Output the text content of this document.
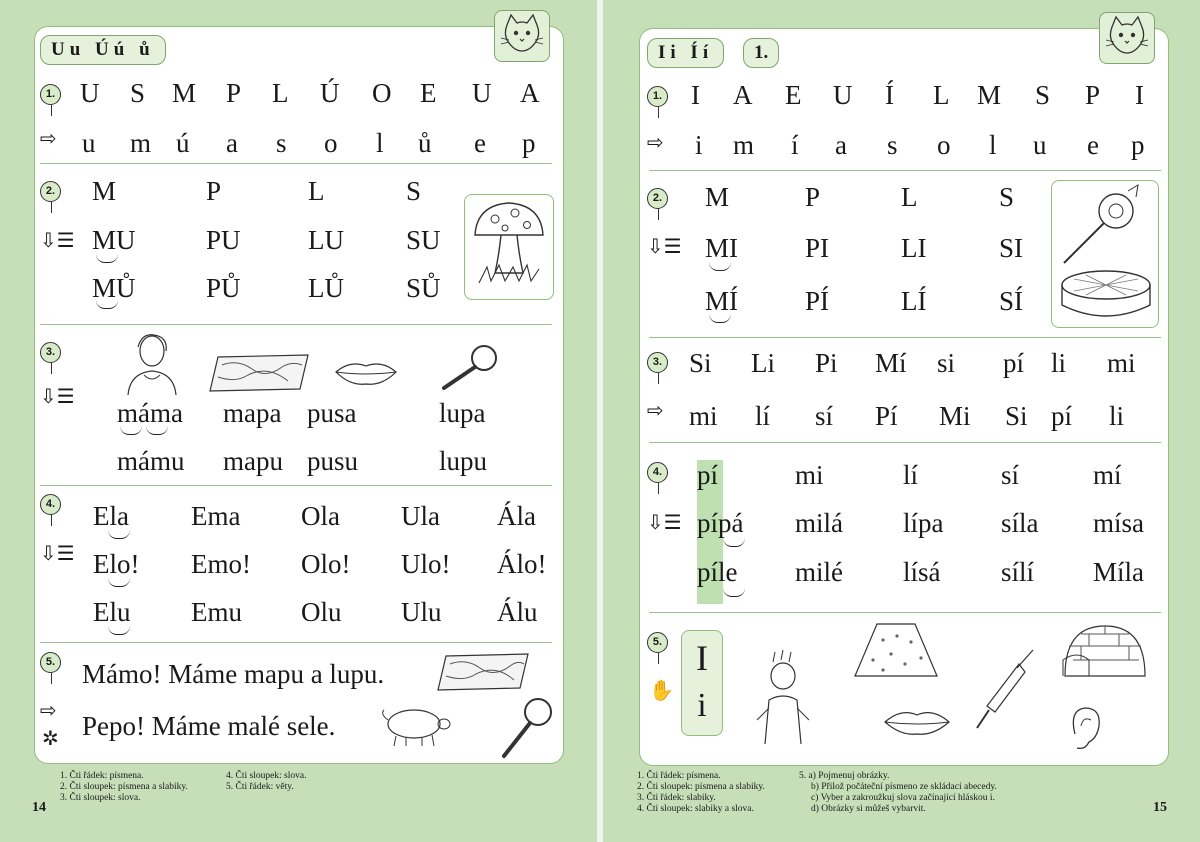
Uu Úú ů
1. U S M P L Ú O E U A
⇨ u m ú a s o l ů e p
2.
⇩☰
M	P	L	S
MU	PU LU SU
MŮ	PŮ LŮ SŮ
3.
⇩☰
máma mapa pusa	lupa
mámu mapu pusu	lupu
4.
⇩☰
Ela Ema Ola Ula Ála
Elo! Emo! Olo! Ulo! Álo!
Elu Emu Olu Ulu Álu
5.
⇨
✲
Mámo! Máme mapu a lupu.
Pepo! Máme malé sele.
1. Čti řádek: písmena.
2. Čti sloupek: písmena a slabiky.
3. Čti sloupek: slova.
4. Čti sloupek: slova.
5. Čti řádek: věty.
14
Ii Íí	1.
1. I A E U Í L M S P I
⇨ i m í a s o l u e p
2.
⇩☰
M	P	L	S
MI PI	LI	SI
MÍ PÍ	LÍ	SÍ
3.
⇨
Si Li Pi Mí si pí li mi
mi lí sí Pí Mi Si pí li
4.
⇩☰
pí	mi	lí	sí	mí
pípá milá lípa síla mísa
píle milé lísá sílí Míla
5.
✋
I
i
1. Čti řádek: písmena.
2. Čti sloupek: písmena a slabiky.
3. Čti řádek: slabiky.
4. Čti sloupek: slabiky a slova.
5. a) Pojmenuj obrázky.
b) Přilož počáteční písmeno ze skládací abecedy.
c) Vyber a zakroužkuj slova začínající hláskou i.
d) Obrázky si můžeš vybarvit.	15
